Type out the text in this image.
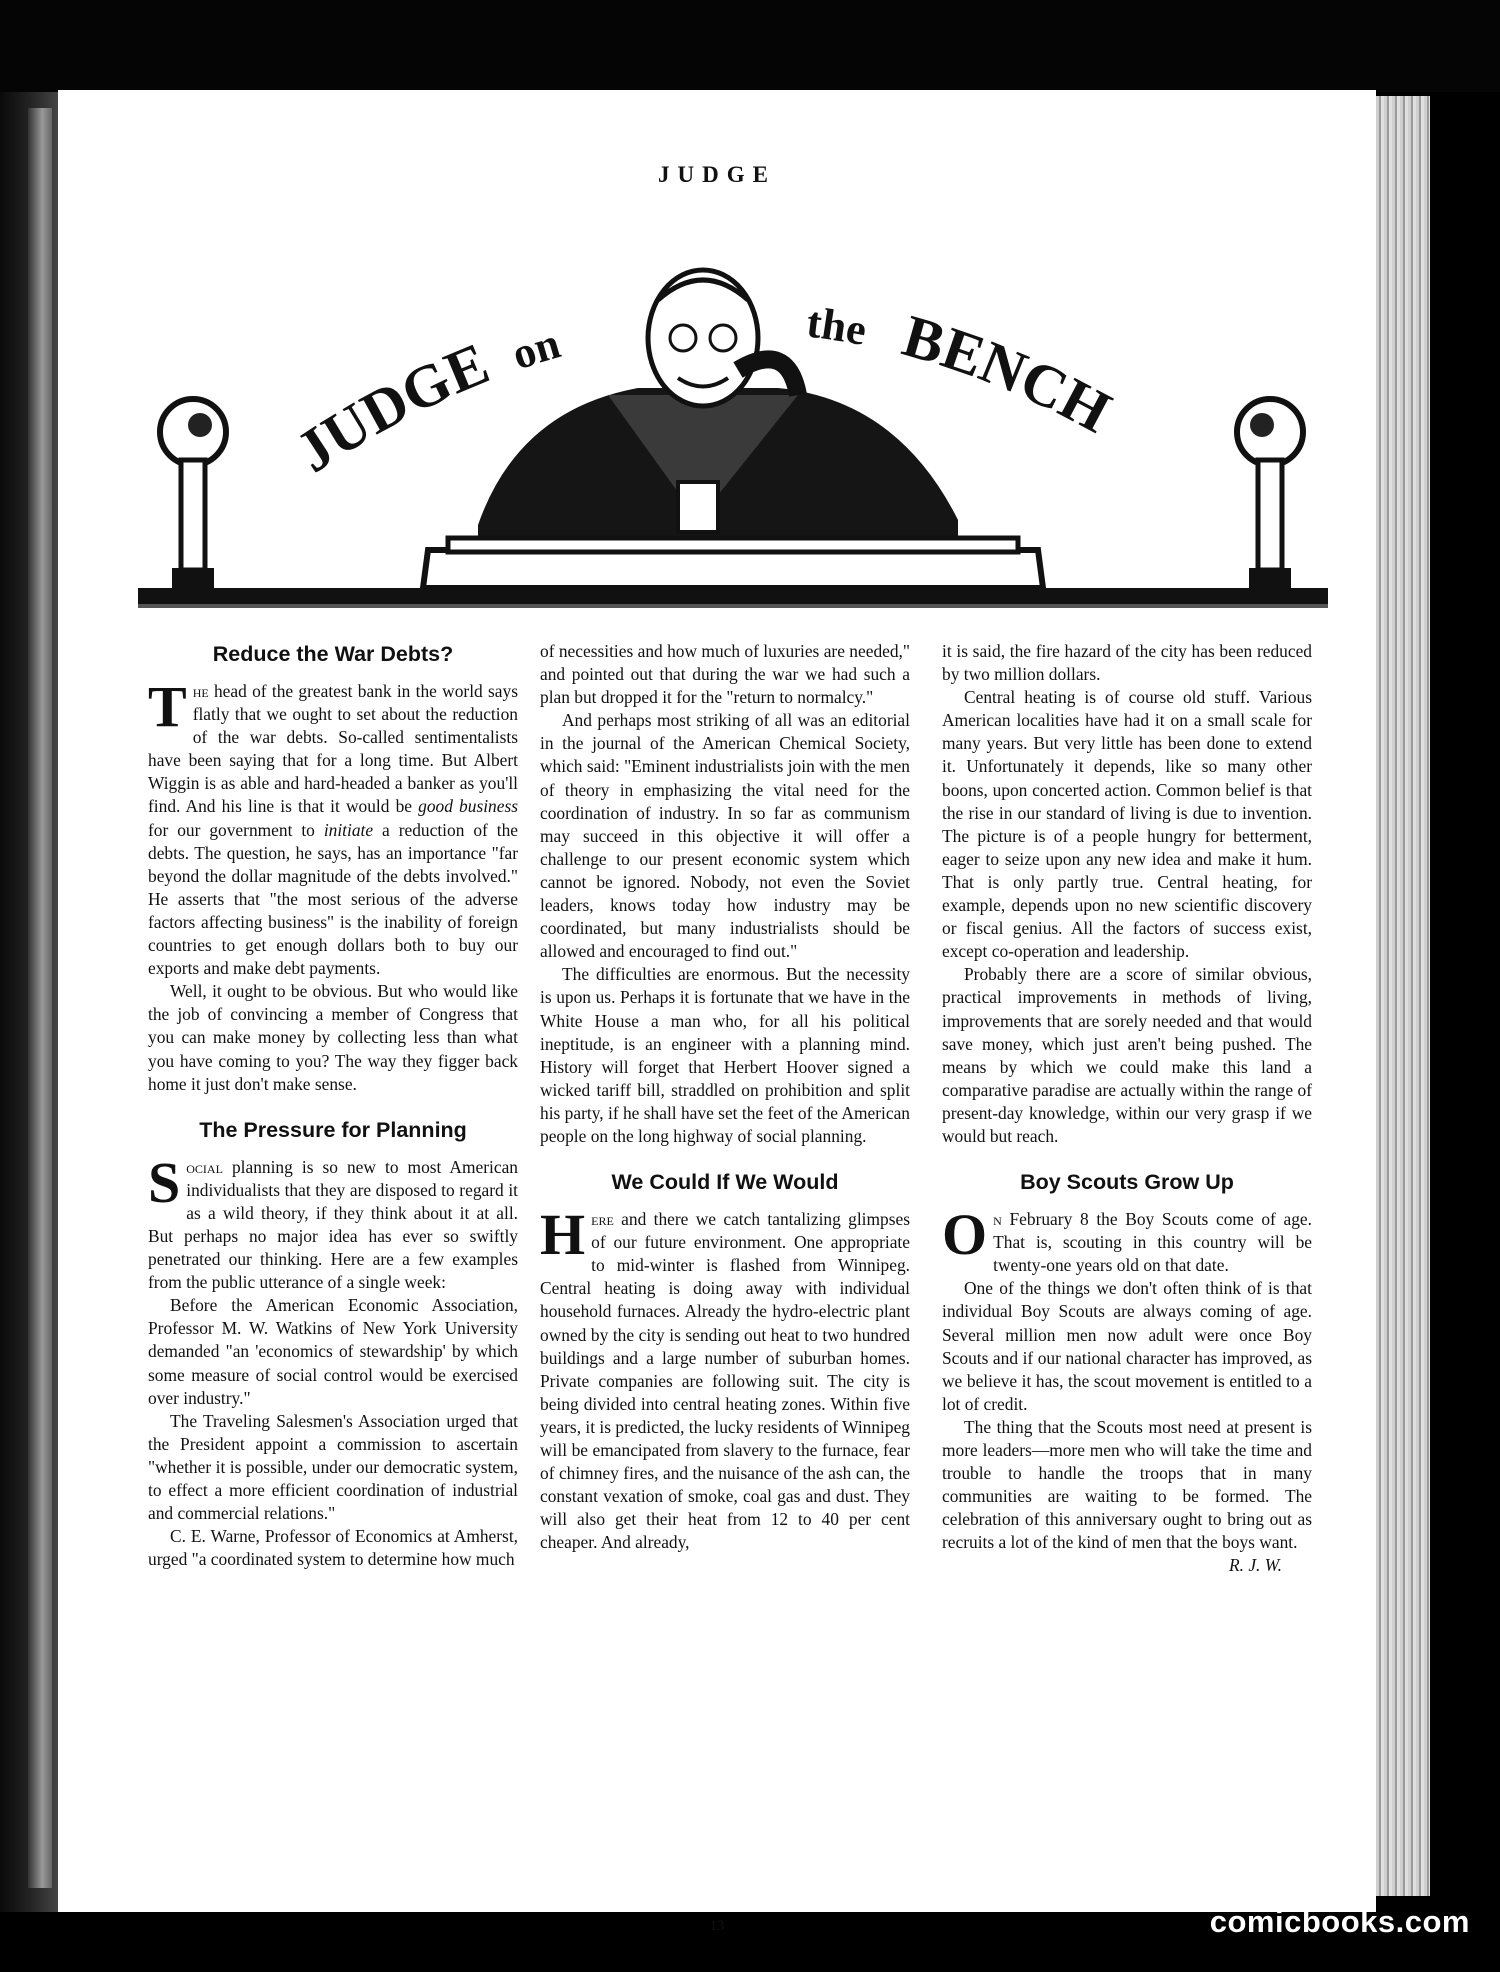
JUDGE
JUDGE on	the BENCH
Reduce the War Debts?

The head of the greatest bank in the world says flatly that we ought to set about the reduction of the war debts. So-called sentimentalists have been saying that for a long time. But Albert Wiggin is as able and hard-headed a banker as you'll find. And his line is that it would be good business for our government to initiate a reduction of the debts. The question, he says, has an importance "far beyond the dollar magnitude of the debts involved." He asserts that "the most serious of the adverse factors affecting business" is the inability of foreign countries to get enough dollars both to buy our exports and make debt payments.

Well, it ought to be obvious. But who would like the job of convincing a member of Congress that you can make money by collecting less than what you have coming to you? The way they figger back home it just don't make sense.

The Pressure for Planning

Social planning is so new to most American individualists that they are disposed to regard it as a wild theory, if they think about it at all. But perhaps no major idea has ever so swiftly penetrated our thinking. Here are a few examples from the public utterance of a single week:

Before the American Economic Association, Professor M. W. Watkins of New York University demanded "an 'economics of stewardship' by which some measure of social control would be exercised over industry."

The Traveling Salesmen's Association urged that the President appoint a commission to ascertain "whether it is possible, under our democratic system, to effect a more efficient coordination of industrial and commercial relations."

C. E. Warne, Professor of Economics at Amherst, urged "a coordinated system to determine how much

of necessities and how much of luxuries are needed," and pointed out that during the war we had such a plan but dropped it for the "return to normalcy."

And perhaps most striking of all was an editorial in the journal of the American Chemical Society, which said: "Eminent industrialists join with the men of theory in emphasizing the vital need for the coordination of industry. In so far as communism may succeed in this objective it will offer a challenge to our present economic system which cannot be ignored. Nobody, not even the Soviet leaders, knows today how industry may be coordinated, but many industrialists should be allowed and encouraged to find out."

The difficulties are enormous. But the necessity is upon us. Perhaps it is fortunate that we have in the White House a man who, for all his political ineptitude, is an engineer with a planning mind. History will forget that Herbert Hoover signed a wicked tariff bill, straddled on prohibition and split his party, if he shall have set the feet of the American people on the long highway of social planning.

We Could If We Would

Here and there we catch tantalizing glimpses of our future environment. One appropriate to mid-winter is flashed from Winnipeg. Central heating is doing away with individual household furnaces. Already the hydro-electric plant owned by the city is sending out heat to two hundred buildings and a large number of suburban homes. Private companies are following suit. The city is being divided into central heating zones. Within five years, it is predicted, the lucky residents of Winnipeg will be emancipated from slavery to the furnace, fear of chimney fires, and the nuisance of the ash can, the constant vexation of smoke, coal gas and dust. They will also get their heat from 12 to 40 per cent cheaper. And already,

it is said, the fire hazard of the city has been reduced by two million dollars.

Central heating is of course old stuff. Various American localities have had it on a small scale for many years. But very little has been done to extend it. Unfortunately it depends, like so many other boons, upon concerted action. Common belief is that the rise in our standard of living is due to invention. The picture is of a people hungry for betterment, eager to seize upon any new idea and make it hum. That is only partly true. Central heating, for example, depends upon no new scientific discovery or fiscal genius. All the factors of success exist, except co-operation and leadership.

Probably there are a score of similar obvious, practical improvements in methods of living, improvements that are sorely needed and that would save money, which just aren't being pushed. The means by which we could make this land a comparative paradise are actually within the range of present-day knowledge, within our very grasp if we would but reach.

Boy Scouts Grow Up

On February 8 the Boy Scouts come of age. That is, scouting in this country will be twenty-one years old on that date.

One of the things we don't often think of is that individual Boy Scouts are always coming of age. Several million men now adult were once Boy Scouts and if our national character has improved, as we believe it has, the scout movement is entitled to a lot of credit.

The thing that the Scouts most need at present is more leaders—more men who will take the time and trouble to handle the troops that in many communities are waiting to be formed. The celebration of this anniversary ought to bring out as recruits a lot of the kind of men that the boys want.

R. J. W.

13	comicbooks.com
